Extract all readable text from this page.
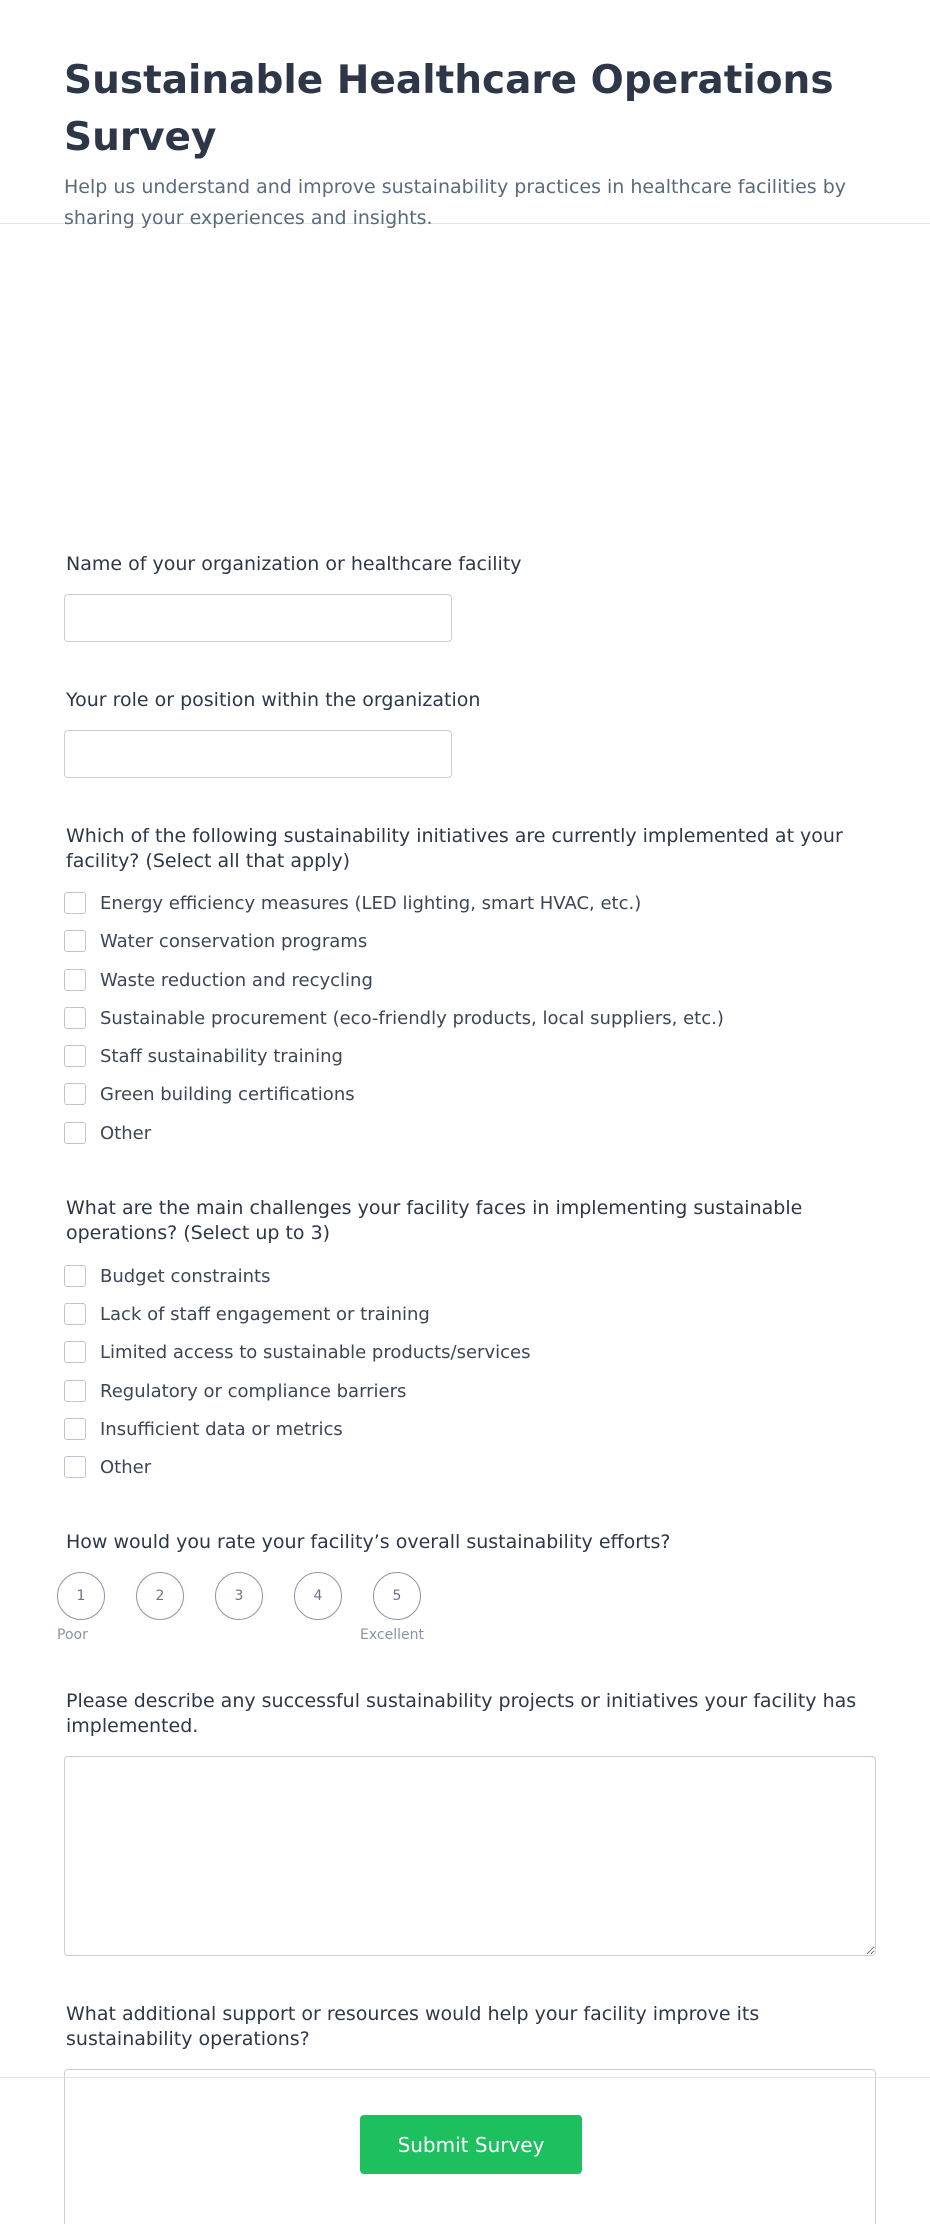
Sustainable Healthcare Operations Survey

Help us understand and improve sustainability practices in healthcare facilities by sharing your experiences and insights.

Name of your organization or healthcare facility
Your role or position within the organization
Which of the following sustainability initiatives are currently implemented at your facility? (Select all that apply)
Energy efficiency measures (LED lighting, smart HVAC, etc.)
Water conservation programs
Waste reduction and recycling
Sustainable procurement (eco-friendly products, local suppliers, etc.)
Staff sustainability training
Green building certifications
Other
What are the main challenges your facility faces in implementing sustainable operations? (Select up to 3)
Budget constraints
Lack of staff engagement or training
Limited access to sustainable products/services
Regulatory or compliance barriers
Insufficient data or metrics
Other
How would you rate your facility’s overall sustainability efforts?
1	2	3	4	5
Poor	Excellent
Please describe any successful sustainability projects or initiatives your facility has implemented.
What additional support or resources would help your facility improve its sustainability operations?
Submit Survey
